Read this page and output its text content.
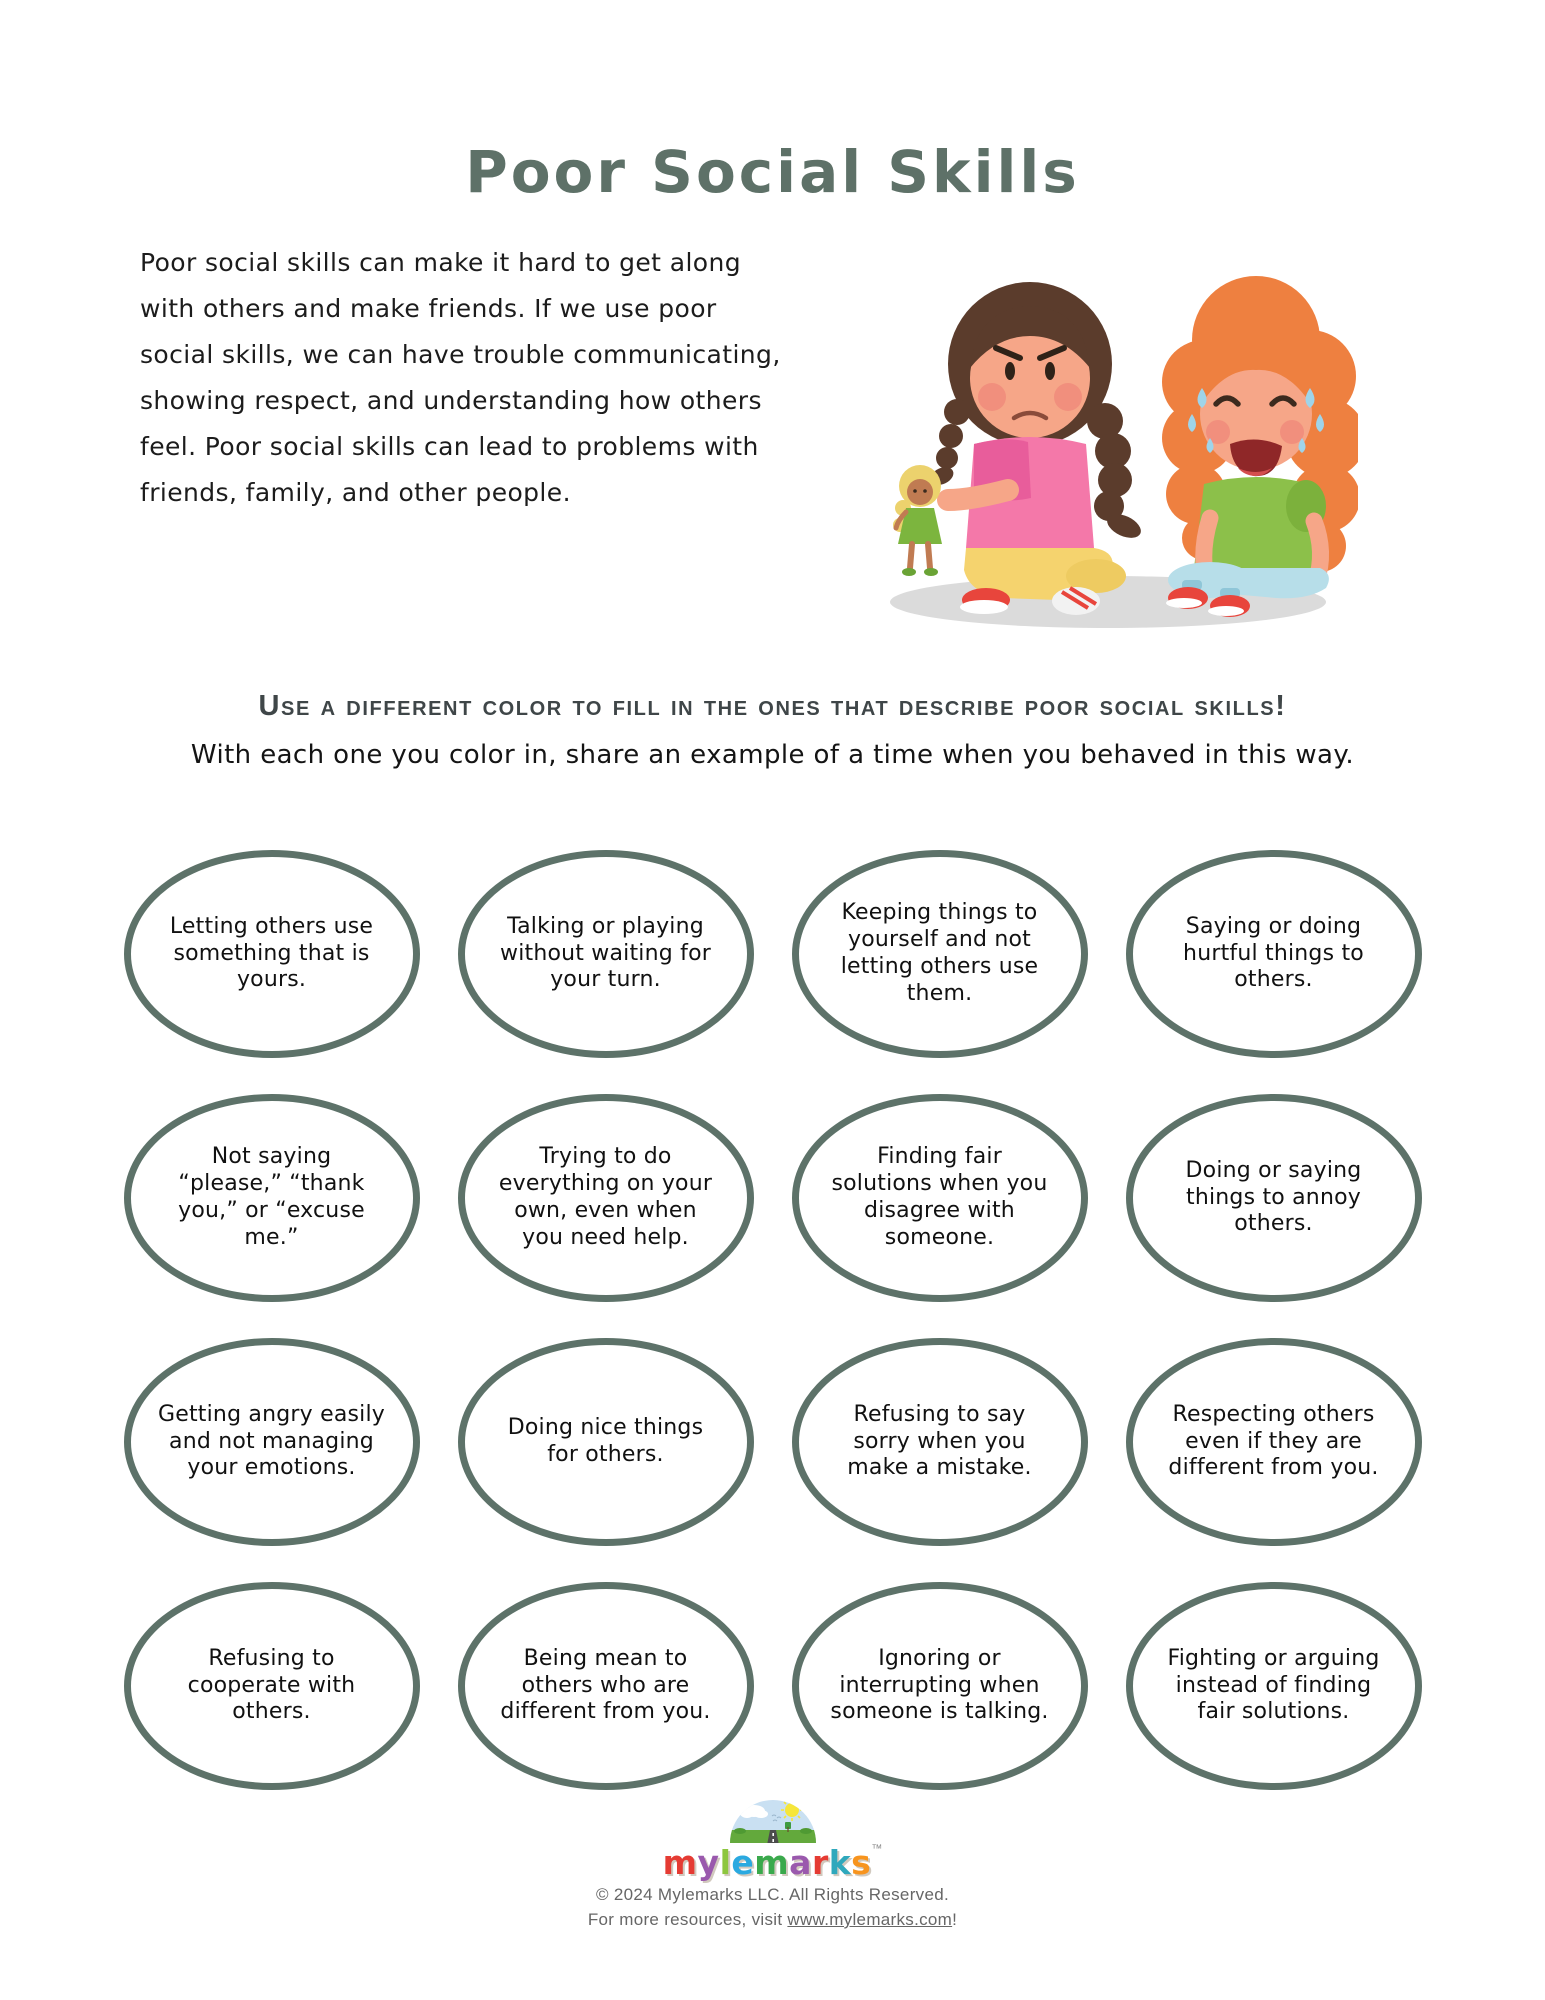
Poor Social Skills
Poor social skills can make it hard to get along
with others and make friends. If we use poor
social skills, we can have trouble communicating,
showing respect, and understanding how others
feel. Poor social skills can lead to problems with
friends, family, and other people.
Use a different color to fill in the ones that describe poor social skills!
With each one you color in, share an example of a time when you behaved in this way.
Letting others use something that is yours.
Talking or playing without waiting for your turn.
Keeping things to yourself and not letting others use them.
Saying or doing hurtful things to others.
Not saying “please,” “thank you,” or “excuse me.”
Trying to do everything on your own, even when you need help.
Finding fair solutions when you disagree with someone.
Doing or saying things to annoy others.
Getting angry easily and not managing your emotions.
Doing nice things for others.
Refusing to say sorry when you make a mistake.
Respecting others even if they are different from you.
Refusing to cooperate with others.
Being mean to others who are different from you.
Ignoring or interrupting when someone is talking.
Fighting or arguing instead of finding fair solutions.
mylemarks™
© 2024 Mylemarks LLC. All Rights Reserved.
For more resources, visit www.mylemarks.com!
